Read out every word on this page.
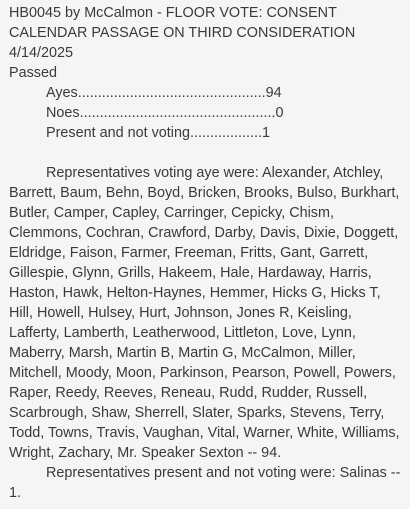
HB0045 by McCalmon - FLOOR VOTE: CONSENT
CALENDAR PASSAGE ON THIRD CONSIDERATION
4/14/2025
Passed
Ayes...............................................94
Noes.................................................0
Present and not voting..................1

Representatives voting aye were: Alexander, Atchley, Barrett, Baum, Behn, Boyd, Bricken, Brooks, Bulso, Burkhart, Butler, Camper, Capley, Carringer, Cepicky, Chism, Clemmons, Cochran, Crawford, Darby, Davis, Dixie, Doggett, Eldridge, Faison, Farmer, Freeman, Fritts, Gant, Garrett, Gillespie, Glynn, Grills, Hakeem, Hale, Hardaway, Harris, Haston, Hawk, Helton-Haynes, Hemmer, Hicks G, Hicks T, Hill, Howell, Hulsey, Hurt, Johnson, Jones R, Keisling, Lafferty, Lamberth, Leatherwood, Littleton, Love, Lynn, Maberry, Marsh, Martin B, Martin G, McCalmon, Miller, Mitchell, Moody, Moon, Parkinson, Pearson, Powell, Powers, Raper, Reedy, Reeves, Reneau, Rudd, Rudder, Russell, Scarbrough, Shaw, Sherrell, Slater, Sparks, Stevens, Terry, Todd, Towns, Travis, Vaughan, Vital, Warner, White, Williams, Wright, Zachary, Mr. Speaker Sexton -- 94.

Representatives present and not voting were: Salinas -- 1.
